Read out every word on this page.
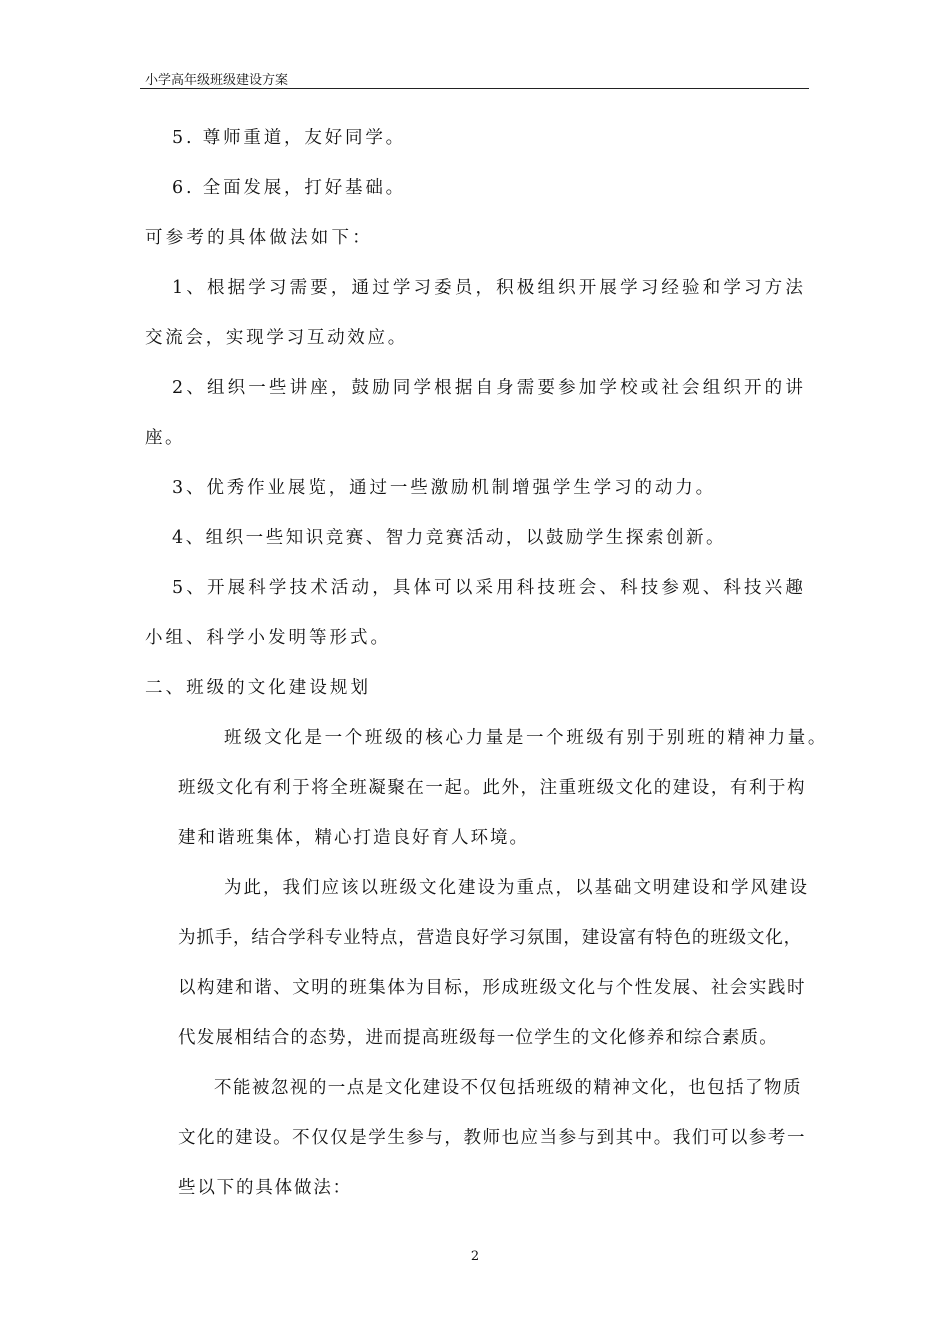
小学高年级班级建设方案
5. 尊师重道，友好同学。
6. 全面发展，打好基础。
可参考的具体做法如下：
1、根据学习需要，通过学习委员，积极组织开展学习经验和学习方法
交流会，实现学习互动效应。
2、组织一些讲座，鼓励同学根据自身需要参加学校或社会组织开的讲
座。
3、优秀作业展览，通过一些激励机制增强学生学习的动力。
4、组织一些知识竞赛、智力竞赛活动，以鼓励学生探索创新。
5、开展科学技术活动，具体可以采用科技班会、科技参观、科技兴趣
小组、科学小发明等形式。
二、班级的文化建设规划
班级文化是一个班级的核心力量是一个班级有别于别班的精神力量。
班级文化有利于将全班凝聚在一起。此外，注重班级文化的建设，有利于构
建和谐班集体，精心打造良好育人环境。
为此，我们应该以班级文化建设为重点，以基础文明建设和学风建设
为抓手，结合学科专业特点，营造良好学习氛围，建设富有特色的班级文化，
以构建和谐、文明的班集体为目标，形成班级文化与个性发展、社会实践时
代发展相结合的态势，进而提高班级每一位学生的文化修养和综合素质。
不能被忽视的一点是文化建设不仅包括班级的精神文化，也包括了物质
文化的建设。不仅仅是学生参与，教师也应当参与到其中。我们可以参考一
些以下的具体做法：
2
